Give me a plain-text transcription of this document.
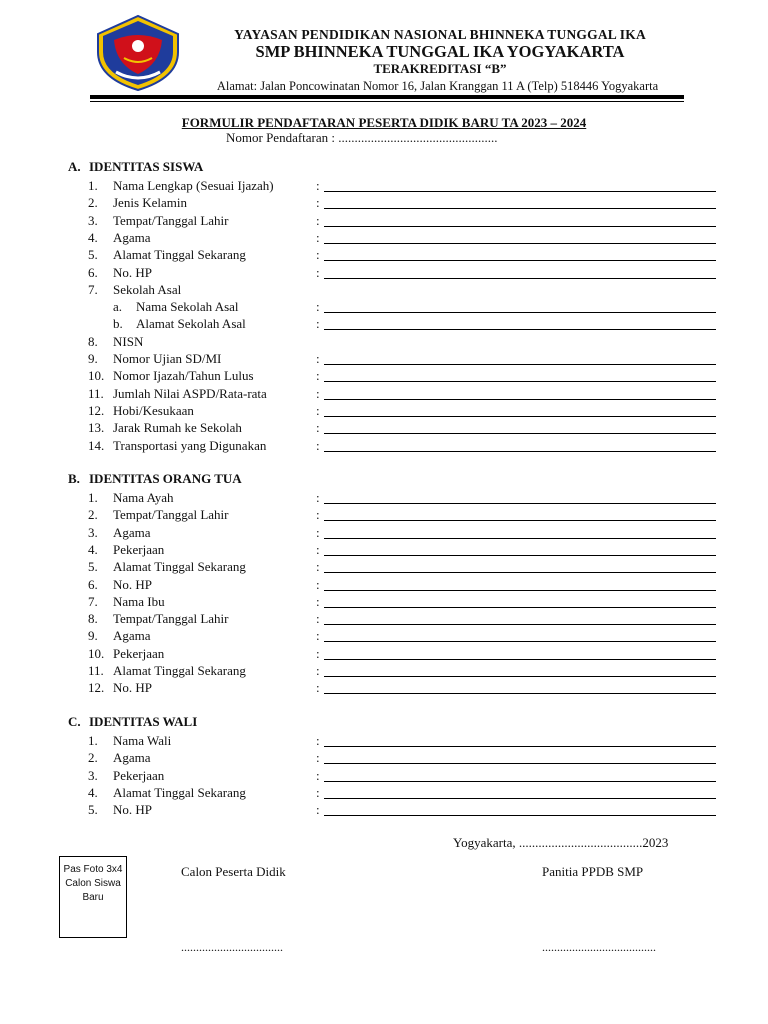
YAYASAN PENDIDIKAN NASIONAL BHINNEKA TUNGGAL IKA
SMP BHINNEKA TUNGGAL IKA YOGYAKARTA
TERAKREDITASI “B”
Alamat: Jalan Poncowinatan Nomor 16, Jalan Kranggan 11 A (Telp) 518446 Yogyakarta
FORMULIR PENDAFTARAN PESERTA DIDIK BARU TA 2023 – 2024
Nomor Pendaftaran : .................................................
A. IDENTITAS SISWA
1.	Nama Lengkap (Sesuai Ijazah)	:
2.	Jenis Kelamin	:
3.	Tempat/Tanggal Lahir	:
4.	Agama	:
5.	Alamat Tinggal Sekarang	:
6.	No. HP	:
7.	Sekolah Asal
a.	Nama Sekolah Asal	:
b.	Alamat Sekolah Asal	:
8.	NISN
9.	Nomor Ujian SD/MI	:
10. Nomor Ijazah/Tahun Lulus	:
11. Jumlah Nilai ASPD/Rata-rata	:
12. Hobi/Kesukaan	:
13. Jarak Rumah ke Sekolah	:
14. Transportasi yang Digunakan	:
B. IDENTITAS ORANG TUA
1.	Nama Ayah	:
2.	Tempat/Tanggal Lahir	:
3.	Agama	:
4.	Pekerjaan	:
5.	Alamat Tinggal Sekarang	:
6.	No. HP	:
7.	Nama Ibu	:
8.	Tempat/Tanggal Lahir	:
9.	Agama	:
10. Pekerjaan	:
11. Alamat Tinggal Sekarang	:
12. No. HP	:
C. IDENTITAS WALI
1.	Nama Wali	:
2.	Agama	:
3.	Pekerjaan	:
4.	Alamat Tinggal Sekarang	:
5.	No. HP	:
Yogyakarta, ......................................2023
Pas Foto 3x4 Calon Siswa Baru
Calon Peserta Didik	Panitia PPDB SMP
..................................	......................................
